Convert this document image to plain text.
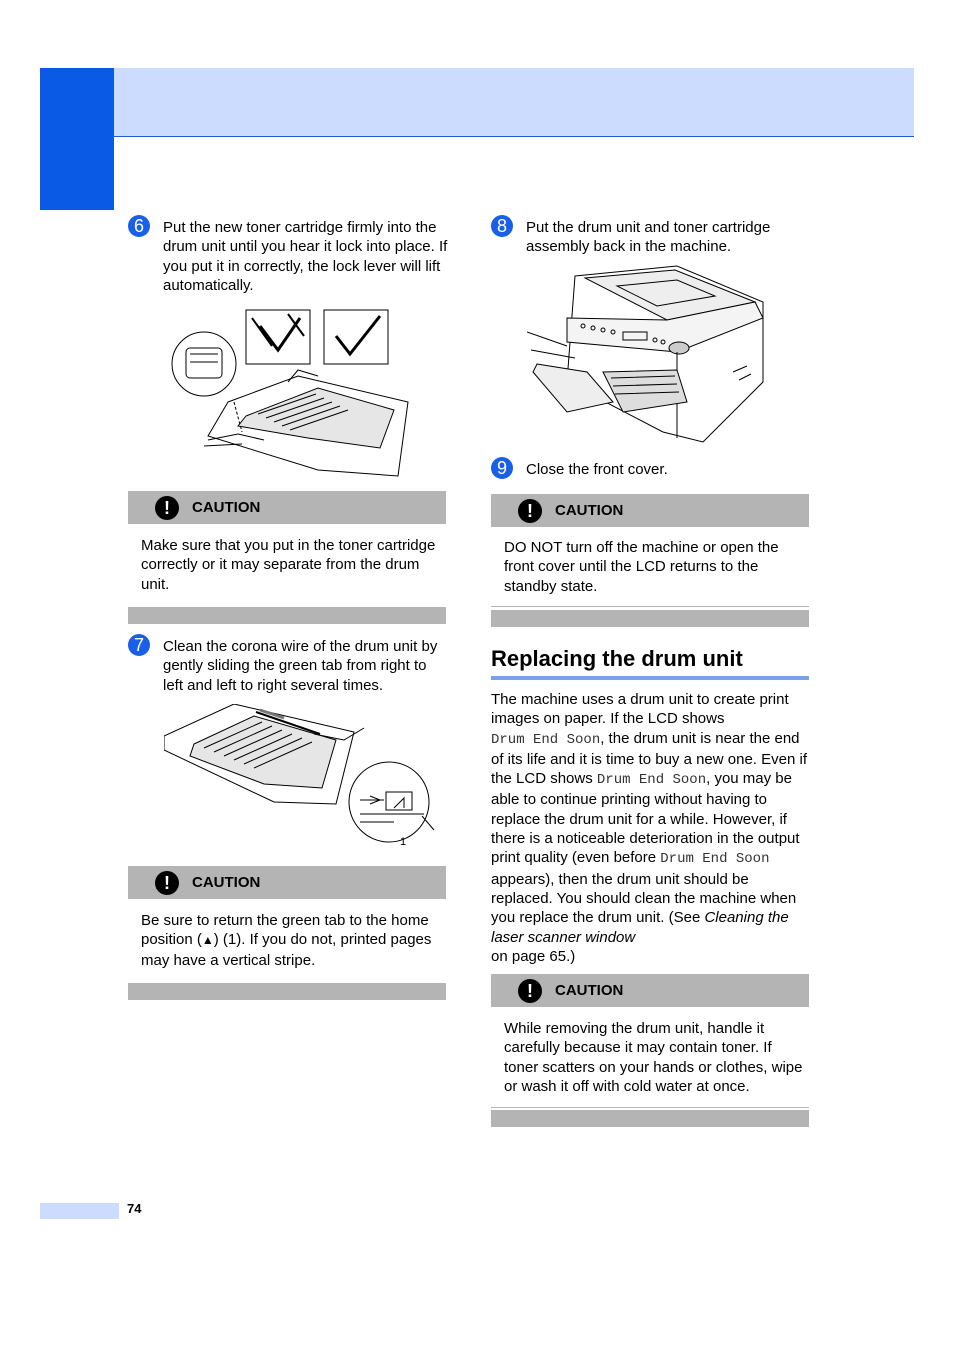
6	Put the new toner cartridge firmly into the drum unit until you hear it lock into place. If you put it in correctly, the lock lever will lift automatically.
!	CAUTION
Make sure that you put in the toner cartridge correctly or it may separate from the drum unit.
7	Clean the corona wire of the drum unit by gently sliding the green tab from right to left and left to right several times.
1
!	CAUTION
Be sure to return the green tab to the home position (▲) (1). If you do not, printed pages may have a vertical stripe.
8	Put the drum unit and toner cartridge assembly back in the machine.
9	Close the front cover.
!	CAUTION
DO NOT turn off the machine or open the front cover until the LCD returns to the standby state.
Replacing the drum unit
The machine uses a drum unit to create print images on paper. If the LCD shows
Drum End Soon, the drum unit is near the end of its life and it is time to buy a new one. Even if the LCD shows Drum End Soon, you may be able to continue printing without having to replace the drum unit for a while. However, if there is a noticeable deterioration in the output print quality (even before Drum End Soon appears), then the drum unit should be replaced. You should clean the machine when you replace the drum unit. (See Cleaning the laser scanner window
on page 65.)
!	CAUTION
While removing the drum unit, handle it carefully because it may contain toner. If toner scatters on your hands or clothes, wipe or wash it off with cold water at once.
74
